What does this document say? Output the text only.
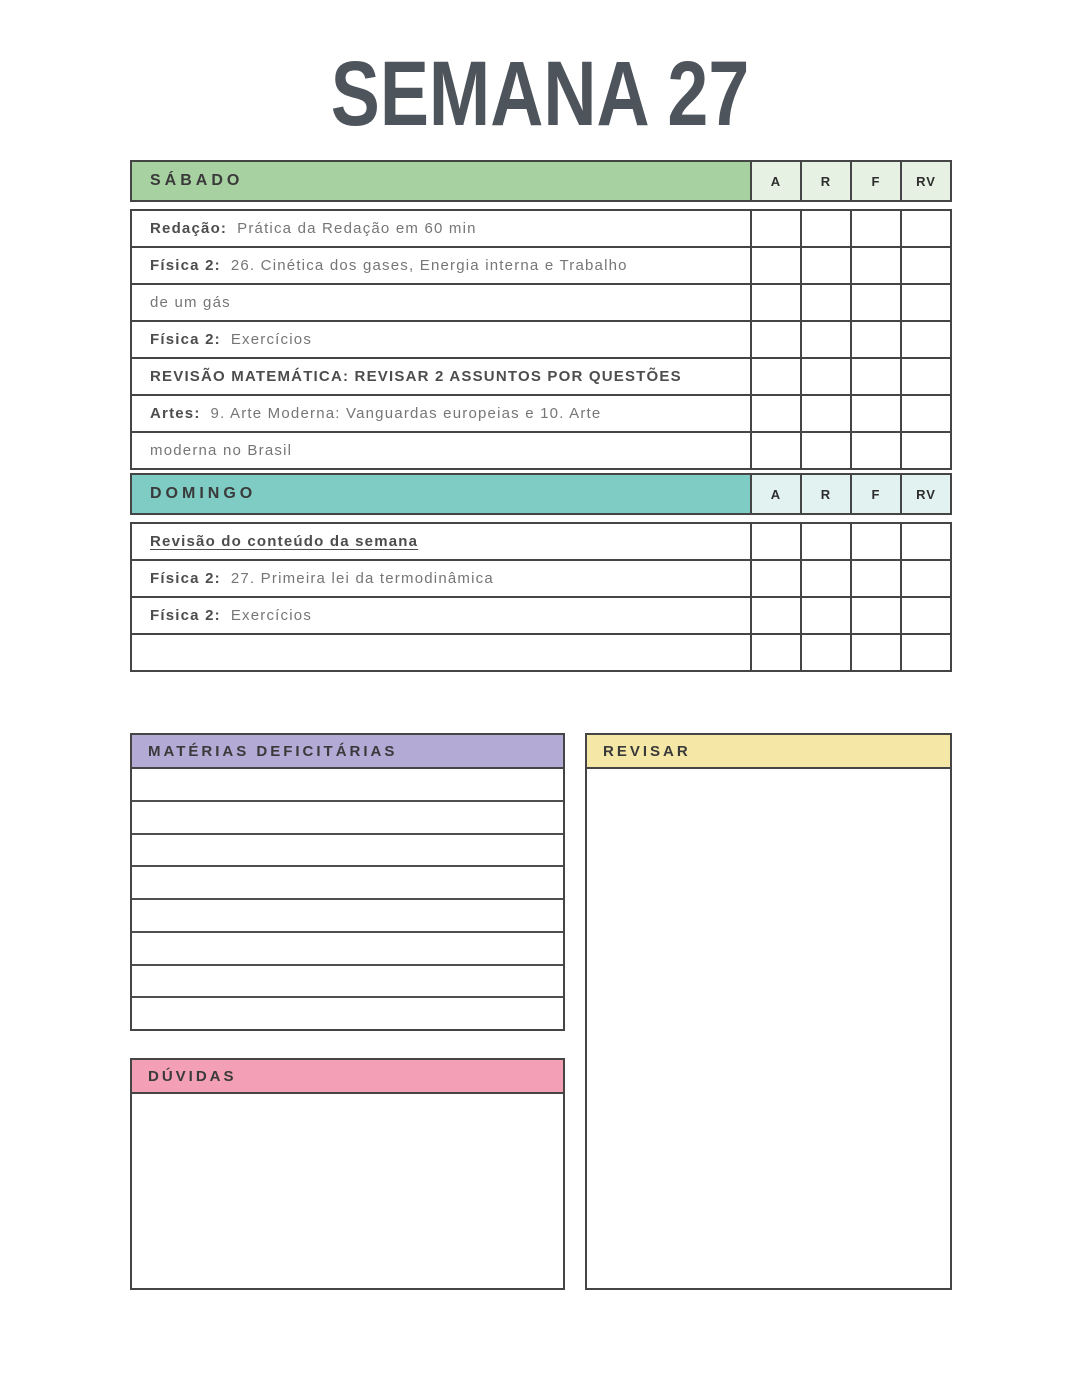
SEMANA 27
SÁBADO	A	R	F	RV
Redação: Prática da Redação em 60 min
Física 2: 26. Cinética dos gases, Energia interna e Trabalho
de um gás
Física 2: Exercícios
REVISÃO MATEMÁTICA: REVISAR 2 ASSUNTOS POR QUESTÕES
Artes: 9. Arte Moderna: Vanguardas europeias e 10. Arte
moderna no Brasil
DOMINGO	A	R	F	RV
Revisão do conteúdo da semana
Física 2: 27. Primeira lei da termodinâmica
Física 2: Exercícios
MATÉRIAS DEFICITÁRIAS
DÚVIDAS
REVISAR
